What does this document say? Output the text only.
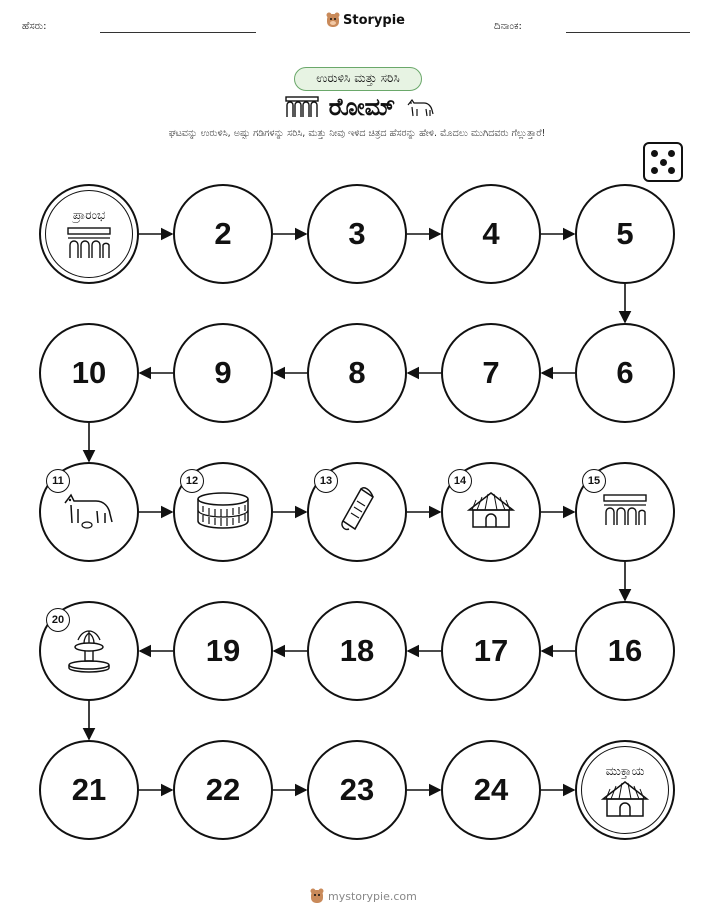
ಹೆಸರು:	Storypie	ದಿನಾಂಕ:
ಉರುಳಿಸಿ ಮತ್ತು ಸರಿಸಿ
ರೋಮ್
ಘಟವನ್ನು ಉರುಳಿಸಿ, ಅಷ್ಟು ಗಡಿಗಳನ್ನು ಸರಿಸಿ, ಮತ್ತು ನೀವು ಇಳಿದ ಚಿತ್ರದ ಹೆಸರನ್ನು ಹೇಳಿ. ಮೊದಲು ಮುಗಿದವರು ಗೆಲ್ಲುತ್ತಾರೆ!
ಪ್ರಾರಂಭ
2	3	4	5
6
7
8
9
10
11	12	13	14	15
16
17
18
19
20
21	22	23	24
ಮುಕ್ತಾಯ
mystorypie.com
